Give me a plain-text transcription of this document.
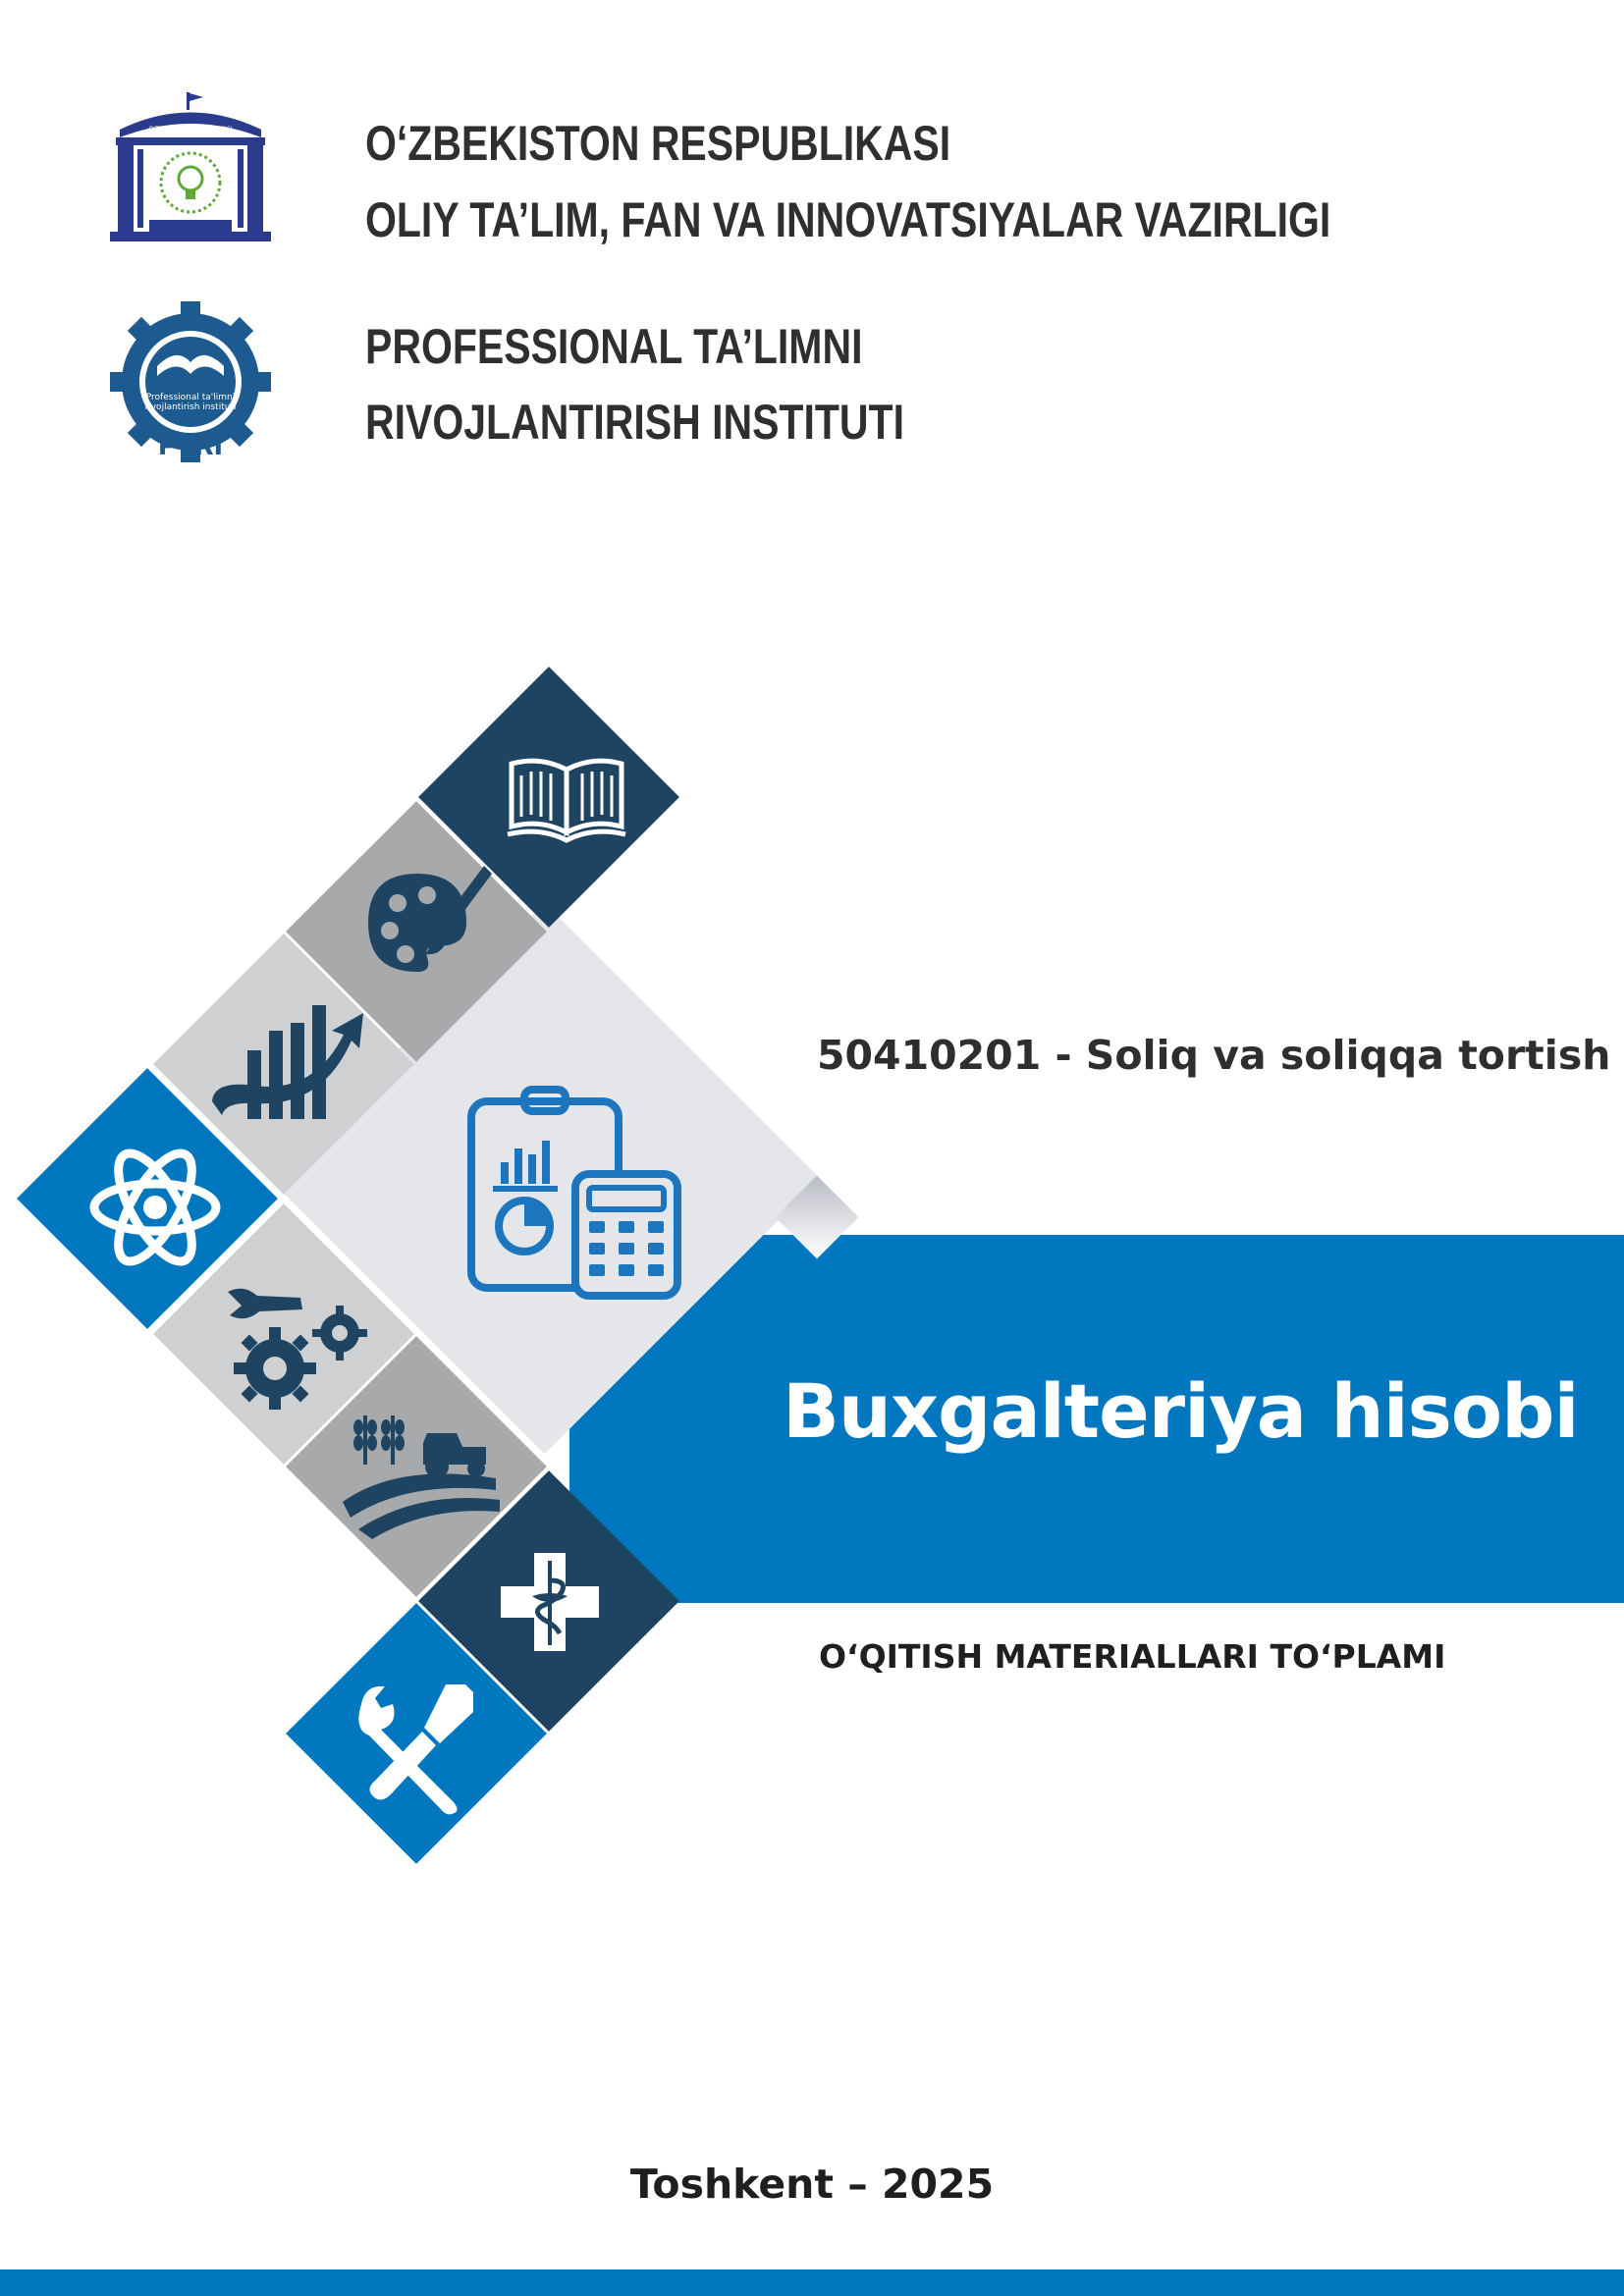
O'ZBEKISTON RESPUBLIKASI	O‘ZBEKISTON RESPUBLIKASI

OLIY TA’LIM, FAN VA INNOVATSIYALAR VAZIRLIGI

Professional ta'limni
rivojlantirish instituti
PTRI

PROFESSIONAL TA’LIMNI

RIVOJLANTIRISH INSTITUTI

50410201 - Soliq va soliqqa tortish
Buxgalteriya hisobi
O‘QITISH MATERIALLARI TO‘PLAMI
Toshkent – 2025
